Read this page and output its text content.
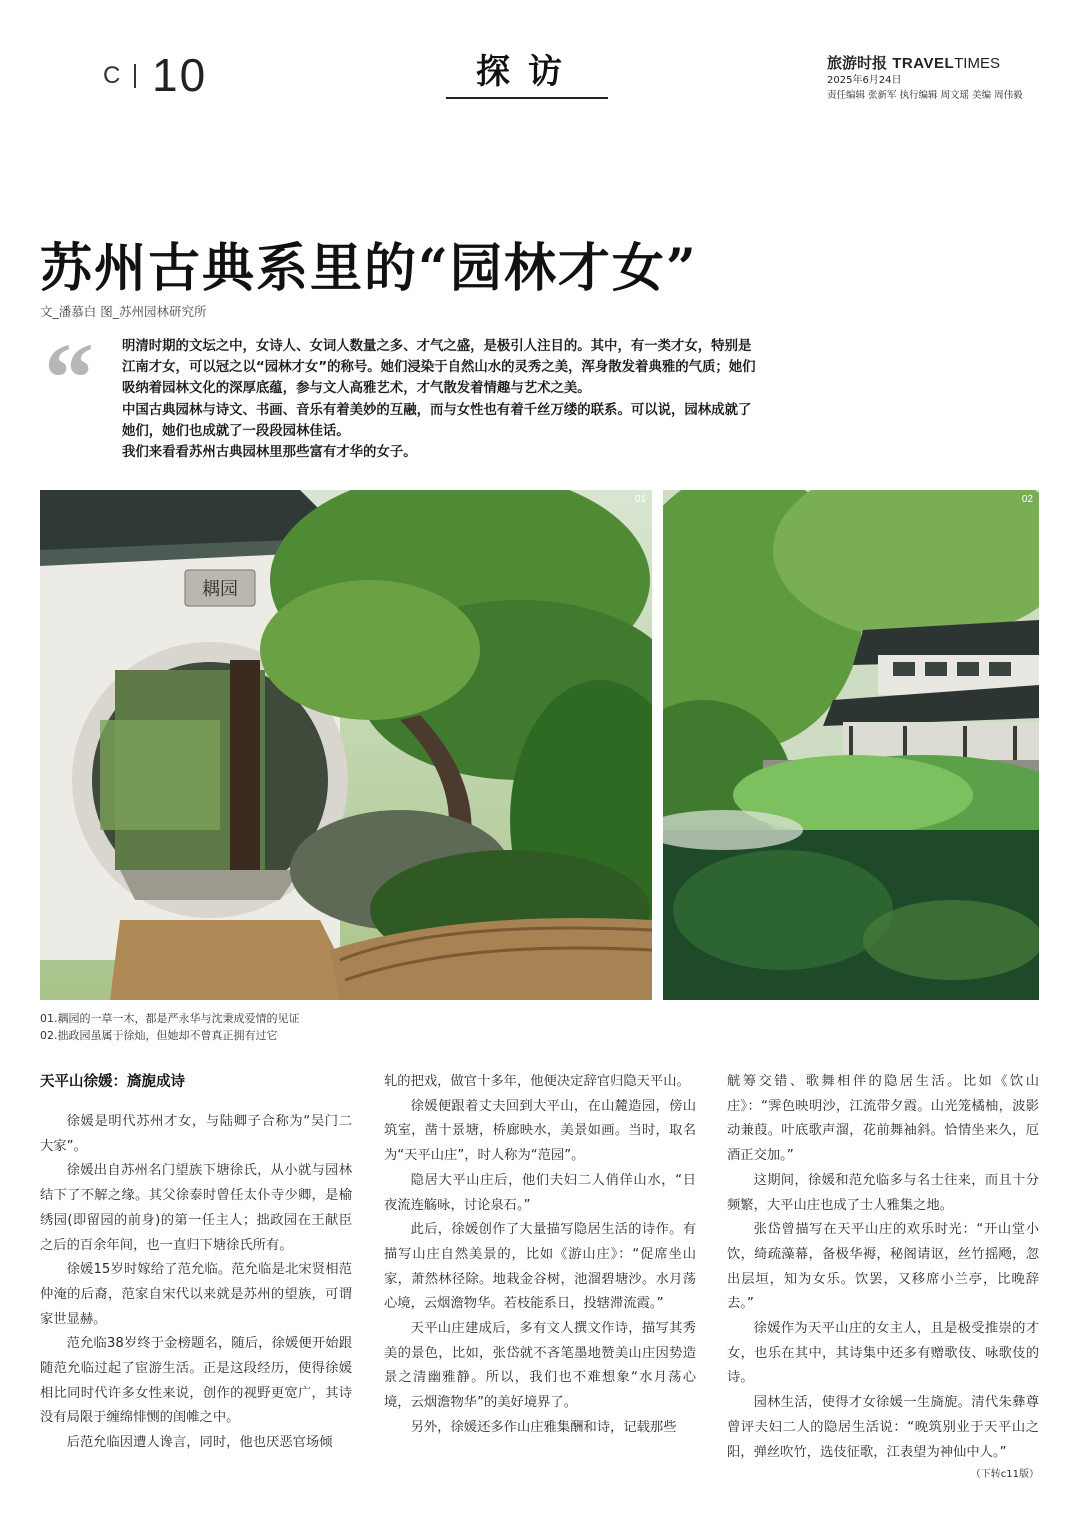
C 10	探访	旅游时报 TRAVELTIMES
2025年6月24日
责任编辑 张新军 执行编辑 周文瑶 美编 周伟毅
苏州古典系里的“园林才女”
文_潘慕白 图_苏州园林研究所
“ 明清时期的文坛之中，女诗人、女词人数量之多、才气之盛，是极引人注目的。其中，有一类才女，特别是江南才女，可以冠之以“园林才女”的称号。她们浸染于自然山水的灵秀之美，浑身散发着典雅的气质；她们吸纳着园林文化的深厚底蕴，参与文人高雅艺术，才气散发着情趣与艺术之美。

中国古典园林与诗文、书画、音乐有着美妙的互融，而与女性也有着千丝万缕的联系。可以说，园林成就了她们，她们也成就了一段段园林佳话。

我们来看看苏州古典园林里那些富有才华的女子。

耦园
01	02
01.耦园的一草一木，都是严永华与沈秉成爱情的见证
02.拙政园虽属于徐灿，但她却不曾真正拥有过它
天平山徐媛：旖旎成诗

徐媛是明代苏州才女，与陆卿子合称为“吴门二大家”。

徐媛出自苏州名门望族下塘徐氏，从小就与园林结下了不解之缘。其父徐泰时曾任太仆寺少卿，是榆绣园(即留园的前身)的第一任主人；拙政园在王献臣之后的百余年间，也一直归下塘徐氏所有。

徐媛15岁时嫁给了范允临。范允临是北宋贤相范仲淹的后裔，范家自宋代以来就是苏州的望族，可谓家世显赫。

范允临38岁终于金榜题名，随后，徐媛便开始跟随范允临过起了宦游生活。正是这段经历，使得徐媛相比同时代许多女性来说，创作的视野更宽广，其诗没有局限于缠绵悱恻的闺帷之中。

后范允临因遭人谗言，同时，他也厌恶官场倾

轧的把戏，做官十多年，他便决定辞官归隐天平山。

徐媛便跟着丈夫回到大平山，在山麓造园，傍山筑室，凿十景塘，桥廊映水，美景如画。当时，取名为“天平山庄”，时人称为“范园”。

隐居大平山庄后，他们夫妇二人俏佯山水，“日夜流连觞咏，讨论泉石。”

此后，徐媛创作了大量描写隐居生活的诗作。有描写山庄自然美景的，比如《游山庄》：“促席坐山家，萧然林径除。地栽金谷树，池溜碧塘沙。水月荡心境，云烟澹物华。若枝能系日，投辖滞流霞。”

天平山庄建成后，多有文人撰文作诗，描写其秀美的景色，比如，张岱就不吝笔墨地赞美山庄因势造景之清幽雅静。所以，我们也不难想象“水月荡心境，云烟澹物华”的美好境界了。

另外，徐媛还多作山庄雅集酬和诗，记载那些

觥筹交错、歌舞相伴的隐居生活。比如《饮山庄》：“霁色映明沙，江流带夕霞。山光笼橘柚，波影动兼葭。叶底歌声溜，花前舞袖斜。恰情坐来久，厄酒正交加。”

这期间，徐媛和范允临多与名士往来，而且十分频繁，大平山庄也成了士人雅集之地。

张岱曾描写在天平山庄的欢乐时光：“开山堂小饮，绮疏藻幕，备极华褥，秘阁请讴，丝竹摇飏，忽出层垣，知为女乐。饮罢，又移席小兰亭，比晚辞去。”

徐媛作为天平山庄的女主人，且是极受推崇的才女，也乐在其中，其诗集中还多有赠歌伎、咏歌伎的诗。

园林生活，使得才女徐媛一生旖旎。清代朱彝尊曾评夫妇二人的隐居生活说：“晚筑别业于天平山之阳，弹丝吹竹，选伎征歌，江表望为神仙中人。”

（下转c11版）
